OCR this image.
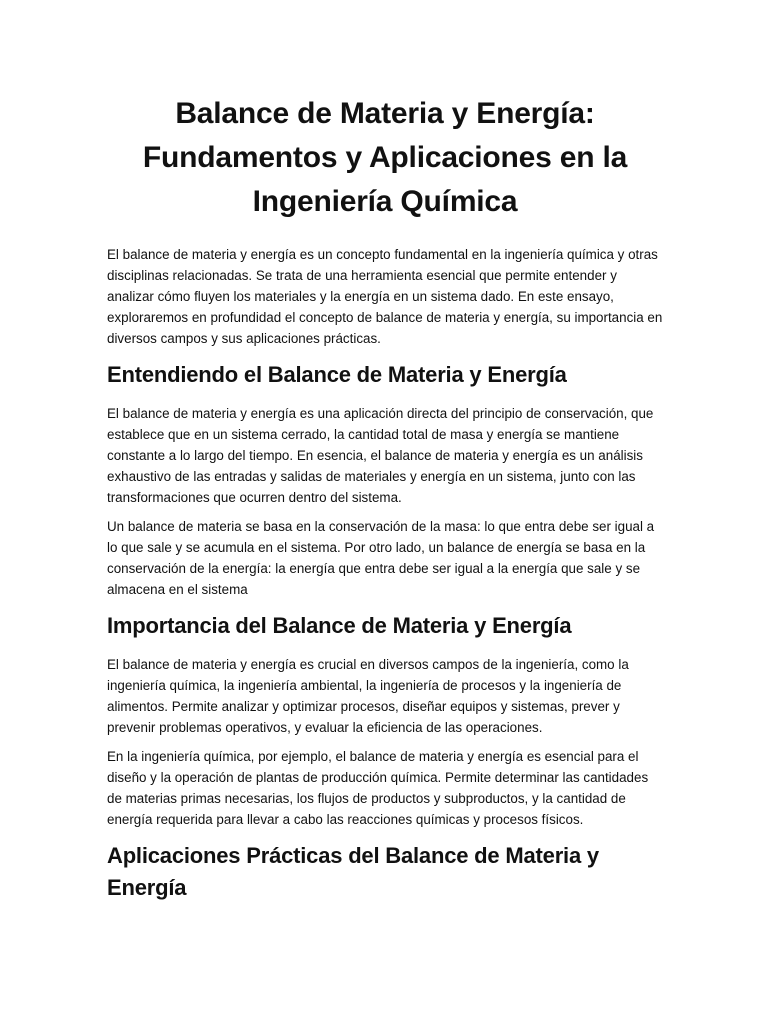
Balance de Materia y Energía: Fundamentos y Aplicaciones en la Ingeniería Química

El balance de materia y energía es un concepto fundamental en la ingeniería química y otras disciplinas relacionadas. Se trata de una herramienta esencial que permite entender y analizar cómo fluyen los materiales y la energía en un sistema dado. En este ensayo, exploraremos en profundidad el concepto de balance de materia y energía, su importancia en diversos campos y sus aplicaciones prácticas.

Entendiendo el Balance de Materia y Energía

El balance de materia y energía es una aplicación directa del principio de conservación, que establece que en un sistema cerrado, la cantidad total de masa y energía se mantiene constante a lo largo del tiempo. En esencia, el balance de materia y energía es un análisis exhaustivo de las entradas y salidas de materiales y energía en un sistema, junto con las transformaciones que ocurren dentro del sistema.

Un balance de materia se basa en la conservación de la masa: lo que entra debe ser igual a lo que sale y se acumula en el sistema. Por otro lado, un balance de energía se basa en la conservación de la energía: la energía que entra debe ser igual a la energía que sale y se almacena en el sistema

Importancia del Balance de Materia y Energía

El balance de materia y energía es crucial en diversos campos de la ingeniería, como la ingeniería química, la ingeniería ambiental, la ingeniería de procesos y la ingeniería de alimentos. Permite analizar y optimizar procesos, diseñar equipos y sistemas, prever y prevenir problemas operativos, y evaluar la eficiencia de las operaciones.

En la ingeniería química, por ejemplo, el balance de materia y energía es esencial para el diseño y la operación de plantas de producción química. Permite determinar las cantidades de materias primas necesarias, los flujos de productos y subproductos, y la cantidad de energía requerida para llevar a cabo las reacciones químicas y procesos físicos.

Aplicaciones Prácticas del Balance de Materia y Energía
